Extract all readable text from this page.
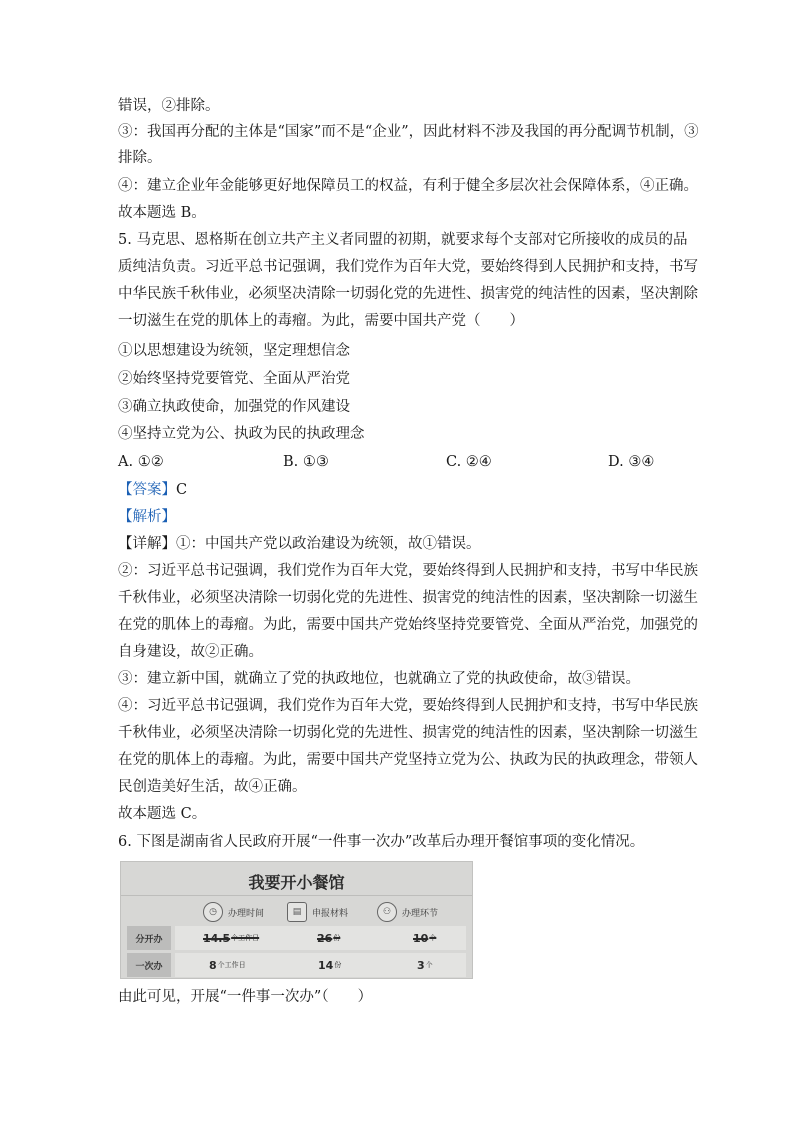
错误，②排除。
③：我国再分配的主体是“国家”而不是“企业”，因此材料不涉及我国的再分配调节机制，③
排除。
④：建立企业年金能够更好地保障员工的权益，有利于健全多层次社会保障体系，④正确。
故本题选 B。
5. 马克思、恩格斯在创立共产主义者同盟的初期，就要求每个支部对它所接收的成员的品
质纯洁负责。习近平总书记强调，我们党作为百年大党，要始终得到人民拥护和支持，书写
中华民族千秋伟业，必须坚决清除一切弱化党的先进性、损害党的纯洁性的因素，坚决割除
一切滋生在党的肌体上的毒瘤。为此，需要中国共产党（　　）
①以思想建设为统领，坚定理想信念
②始终坚持党要管党、全面从严治党
③确立执政使命，加强党的作风建设
④坚持立党为公、执政为民的执政理念
A. ①②	B. ①③	C. ②④	D. ③④
【答案】C
【解析】
【详解】①：中国共产党以政治建设为统领，故①错误。
②：习近平总书记强调，我们党作为百年大党，要始终得到人民拥护和支持，书写中华民族
千秋伟业，必须坚决清除一切弱化党的先进性、损害党的纯洁性的因素，坚决割除一切滋生
在党的肌体上的毒瘤。为此，需要中国共产党始终坚持党要管党、全面从严治党，加强党的
自身建设，故②正确。
③：建立新中国，就确立了党的执政地位，也就确立了党的执政使命，故③错误。
④：习近平总书记强调，我们党作为百年大党，要始终得到人民拥护和支持，书写中华民族
千秋伟业，必须坚决清除一切弱化党的先进性、损害党的纯洁性的因素，坚决割除一切滋生
在党的肌体上的毒瘤。为此，需要中国共产党坚持立党为公、执政为民的执政理念，带领人
民创造美好生活，故④正确。
故本题选 C。
6. 下图是湖南省人民政府开展“一件事一次办”改革后办理开餐馆事项的变化情况。
我要开小餐馆
◷	办理时间	▤	申报材料	⚇	办理环节
分开办	14.5 个工作日	26 份	10 个
一次办	8 个工作日	14 份	3 个
由此可见，开展“一件事一次办”（　　）
